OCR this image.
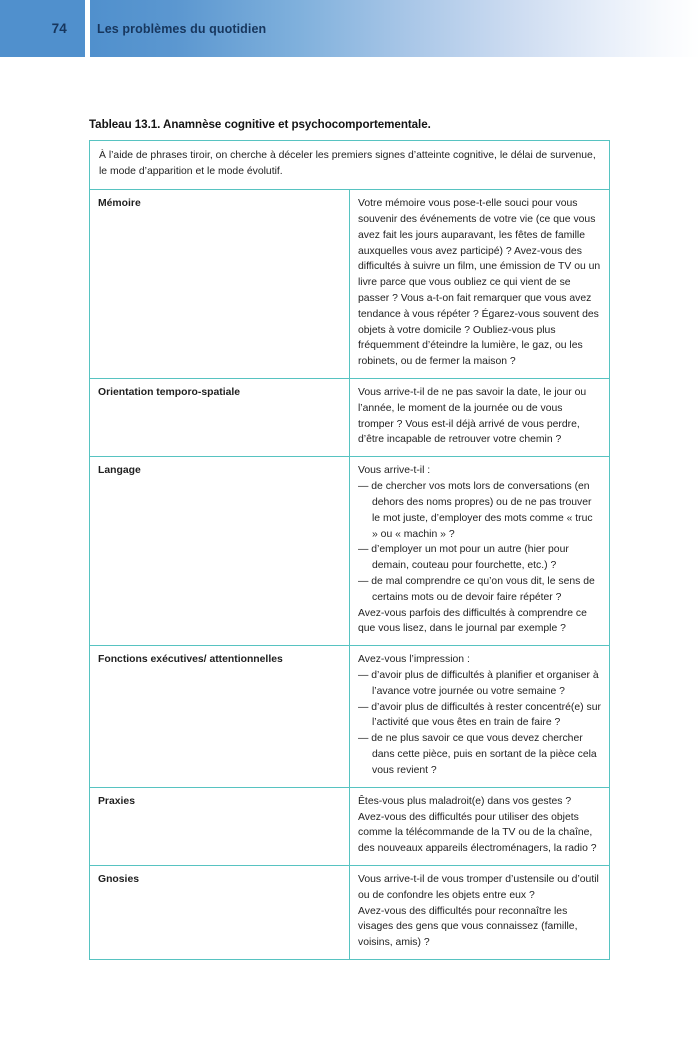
74 Les problèmes du quotidien

Tableau 13.1. Anamnèse cognitive et psychocomportementale.

À l’aide de phrases tiroir, on cherche à déceler les premiers signes d’atteinte cognitive, le délai de survenue, le mode d’apparition et le mode évolutif.	
Mémoire	Votre mémoire vous pose-t-elle souci pour vous souvenir des événements de votre vie (ce que vous avez fait les jours auparavant, les fêtes de famille auxquelles vous avez participé) ? Avez-vous des difficultés à suivre un film, une émission de TV ou un livre parce que vous oubliez ce qui vient de se passer ? Vous a-t-on fait remarquer que vous avez tendance à vous répéter ? Égarez-vous souvent des objets à votre domicile ? Oubliez-vous plus fréquemment d’éteindre la lumière, le gaz, ou les robinets, ou de fermer la maison ?

Orientation temporo-spatiale	Vous arrive-t-il de ne pas savoir la date, le jour ou l’année, le moment de la journée ou de vous tromper ? Vous est-il déjà arrivé de vous perdre, d’être incapable de retrouver votre chemin ?

Langage	Vous arrive-t-il :
— de chercher vos mots lors de conversations (en dehors des noms propres) ou de ne pas trouver le mot juste, d’employer des mots comme « truc » ou « machin » ?
— d’employer un mot pour un autre (hier pour demain, couteau pour fourchette, etc.) ?
— de mal comprendre ce qu’on vous dit, le sens de certains mots ou de devoir faire répéter ?
Avez-vous parfois des difficultés à comprendre ce que vous lisez, dans le journal par exemple ?

Fonctions exécutives/ attentionnelles	Avez-vous l’impression :
— d’avoir plus de difficultés à planifier et organiser à l’avance votre journée ou votre semaine ?
— d’avoir plus de difficultés à rester concentré(e) sur l’activité que vous êtes en train de faire ?
— de ne plus savoir ce que vous devez chercher dans cette pièce, puis en sortant de la pièce cela vous revient ?

Praxies	Êtes-vous plus maladroit(e) dans vos gestes ?
Avez-vous des difficultés pour utiliser des objets comme la télécommande de la TV ou de la chaîne, des nouveaux appareils électroménagers, la radio ?

Gnosies	Vous arrive-t-il de vous tromper d’ustensile ou d’outil ou de confondre les objets entre eux ?
Avez-vous des difficultés pour reconnaître les visages des gens que vous connaissez (famille, voisins, amis) ?
